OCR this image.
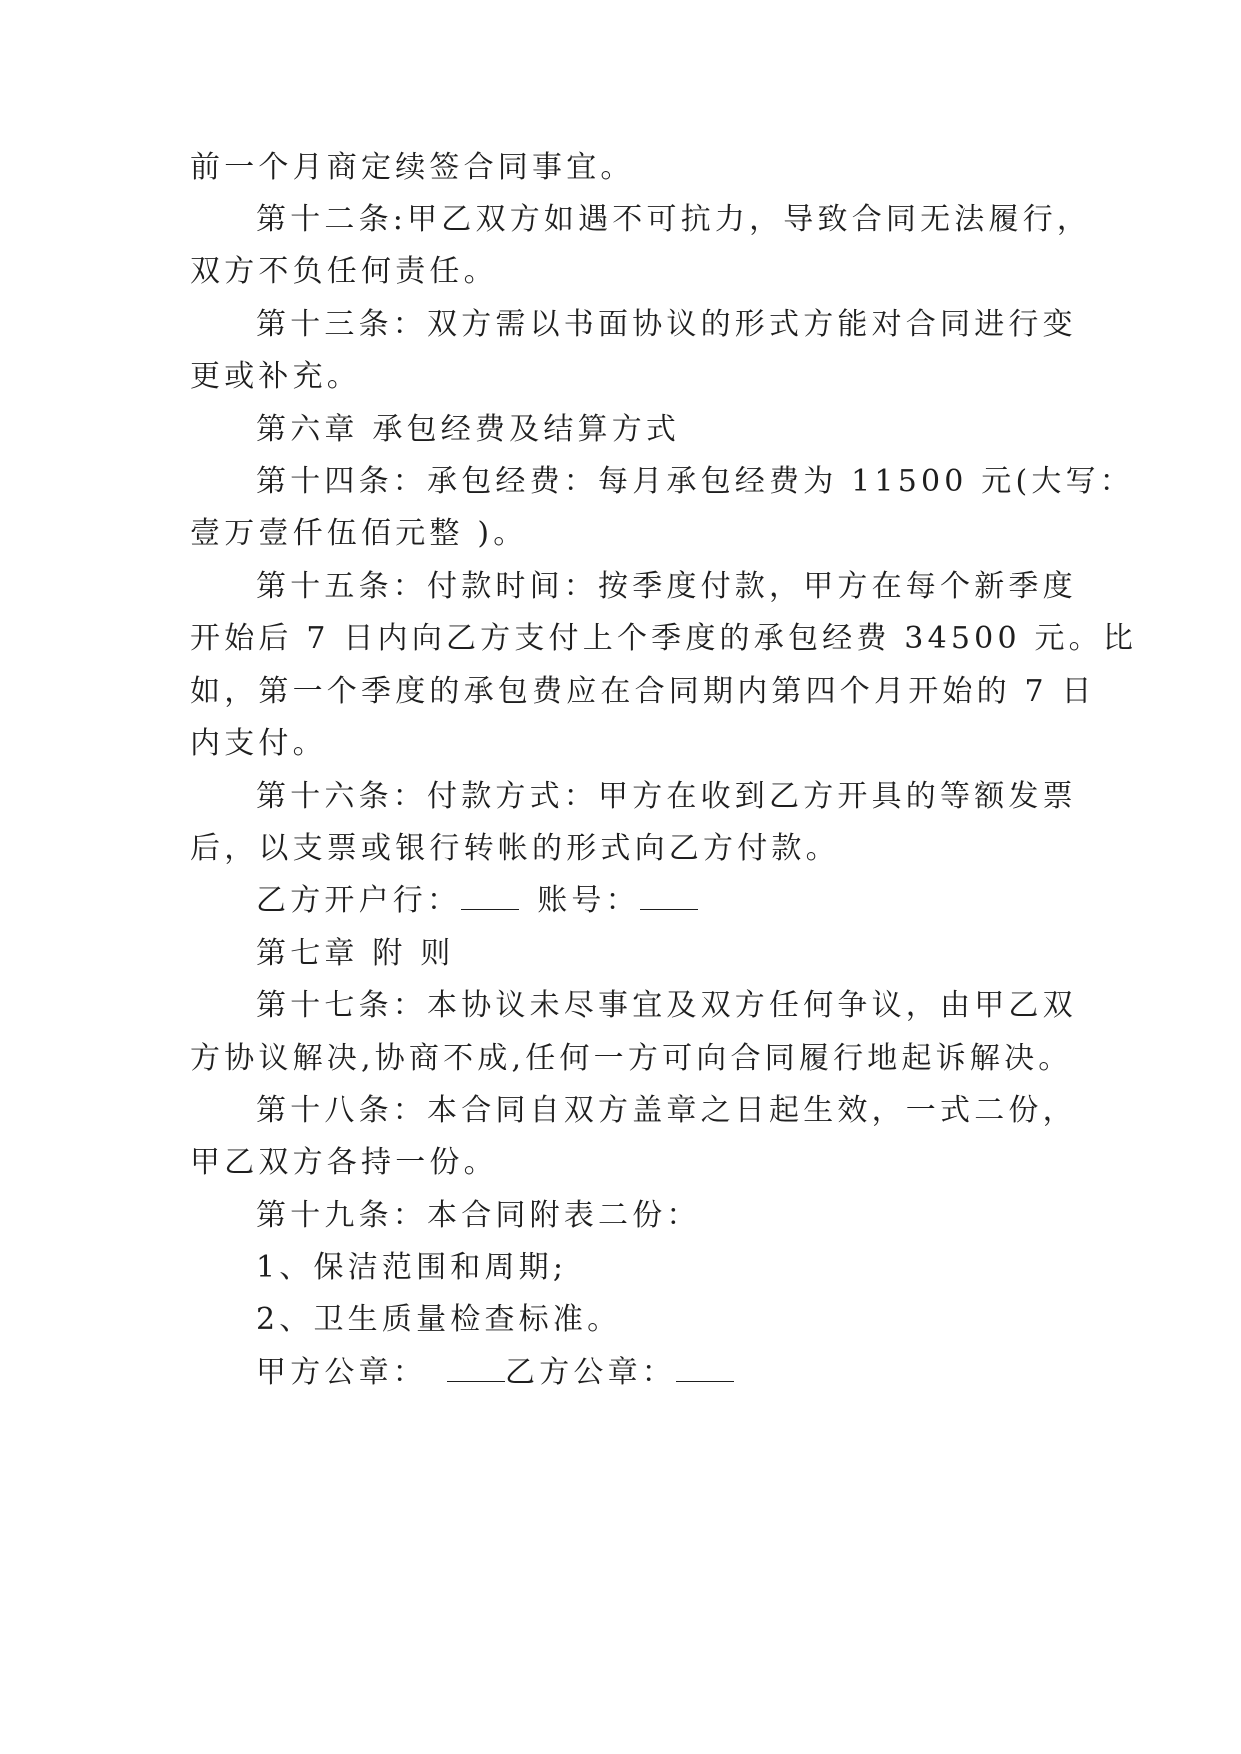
前一个月商定续签合同事宜。
第十二条:甲乙双方如遇不可抗力，导致合同无法履行，
双方不负任何责任。
第十三条：双方需以书面协议的形式方能对合同进行变
更或补充。
第六章 承包经费及结算方式
第十四条：承包经费：每月承包经费为 11500 元(大写：
壹万壹仟伍佰元整 )。
第十五条：付款时间：按季度付款，甲方在每个新季度
开始后 7 日内向乙方支付上个季度的承包经费 34500 元。比
如，第一个季度的承包费应在合同期内第四个月开始的 7 日
内支付。
第十六条：付款方式：甲方在收到乙方开具的等额发票
后，以支票或银行转帐的形式向乙方付款。
乙方开户行：	账号：
第七章 附 则
第十七条：本协议未尽事宜及双方任何争议，由甲乙双
方协议解决,协商不成,任何一方可向合同履行地起诉解决。
第十八条：本合同自双方盖章之日起生效，一式二份，
甲乙双方各持一份。
第十九条：本合同附表二份：
1、保洁范围和周期;
2、卫生质量检查标准。
甲方公章：	乙方公章：
